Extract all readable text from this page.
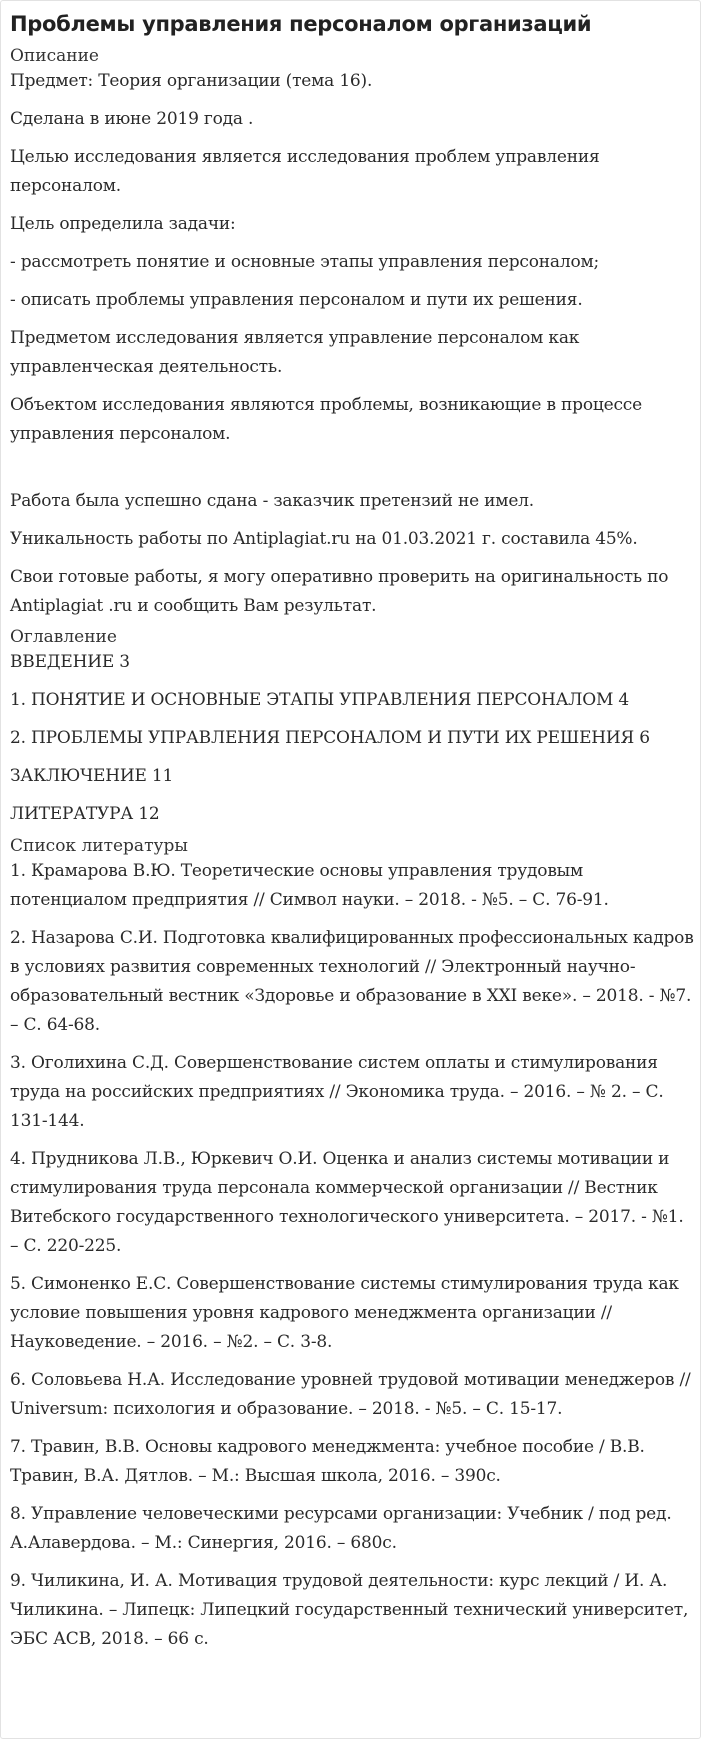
Проблемы управления персоналом организаций
Описание

Предмет: Теория организации (тема 16).

Сделана в июне 2019 года .

Целью исследования является исследования проблем управления персоналом.

Цель определила задачи:

- рассмотреть понятие и основные этапы управления персоналом;

- описать проблемы управления персоналом и пути их решения.

Предметом исследования является управление персоналом как управленческая деятельность.

Объектом исследования являются проблемы, возникающие в процессе управления персоналом.

Работа была успешно сдана - заказчик претензий не имел.

Уникальность работы по Antiplagiat.ru на 01.03.2021 г. составила 45%.

Свои готовые работы, я могу оперативно проверить на оригинальность по Antiplagiat .ru и сообщить Вам результат.

Оглавление

ВВЕДЕНИЕ 3

1. ПОНЯТИЕ И ОСНОВНЫЕ ЭТАПЫ УПРАВЛЕНИЯ ПЕРСОНАЛОМ 4

2. ПРОБЛЕМЫ УПРАВЛЕНИЯ ПЕРСОНАЛОМ И ПУТИ ИХ РЕШЕНИЯ 6

ЗАКЛЮЧЕНИЕ 11

ЛИТЕРАТУРА 12

Список литературы

1. Крамарова В.Ю. Теоретические основы управления трудовым потенциалом предприятия // Символ науки. – 2018. - №5. – С. 76-91.

2. Назарова С.И. Подготовка квалифицированных профессиональных кадров в условиях развития современных технологий // Электронный научно-образовательный вестник «Здоровье и образование в XXI веке». – 2018. - №7. – С. 64-68.

3. Оголихина С.Д. Совершенствование систем оплаты и стимулирования труда на российских предприятиях // Экономика труда. – 2016. – № 2. – С. 131-144.

4. Прудникова Л.В., Юркевич О.И. Оценка и анализ системы мотивации и стимулирования труда персонала коммерческой организации // Вестник Витебского государственного технологического университета. – 2017. - №1. – С. 220-225.

5. Симоненко Е.С. Совершенствование системы стимулирования труда как условие повышения уровня кадрового менеджмента организации // Науковедение. – 2016. – №2. – С. 3-8.

6. Соловьева Н.А. Исследование уровней трудовой мотивации менеджеров // Universum: психология и образование. – 2018. - №5. – С. 15-17.

7. Травин, В.В. Основы кадрового менеджмента: учебное пособие / В.В. Травин, В.А. Дятлов. – М.: Высшая школа, 2016. – 390с.

8. Управление человеческими ресурсами организации: Учебник / под ред. А.Алавердова. – М.: Синергия, 2016. – 680с.

9. Чиликина, И. А. Мотивация трудовой деятельности: курс лекций / И. А. Чиликина. – Липецк: Липецкий государственный технический университет, ЭБС АСВ, 2018. – 66 с.
